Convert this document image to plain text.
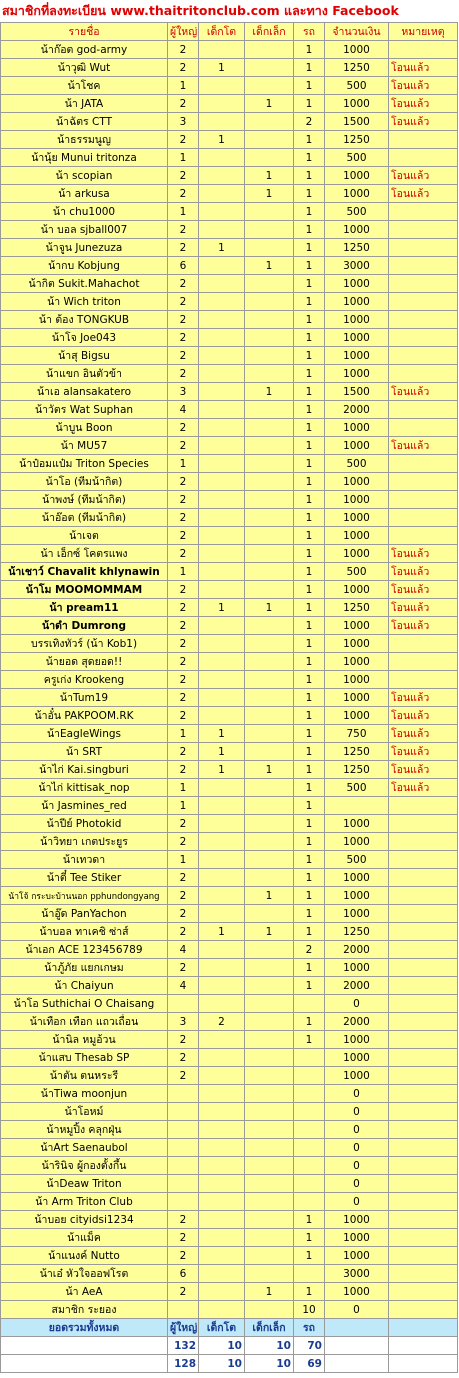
สมาชิกที่ลงทะเบียน www.thaitritonclub.com และทาง Facebook
รายชื่อ	ผู้ใหญ่	เด็กโต	เด็กเล็ก	รถ	จำนวนเงิน	หมายเหตุ
น้าก๊อต god-army	2			1	1000	
น้าวุฒิ Wut	2	1		1	1250	โอนแล้ว
น้าโชค	1			1	500	โอนแล้ว
น้า JATA	2		1	1	1000	โอนแล้ว
น้าฉัตร CTT	3			2	1500	โอนแล้ว
น้าธรรมนูญ	2	1		1	1250	
น้านุ้ย Munui tritonza	1			1	500	
น้า scopian	2		1	1	1000	โอนแล้ว
น้า arkusa	2		1	1	1000	โอนแล้ว
น้า chu1000	1			1	500	
น้า บอล sjball007	2			1	1000	
น้าจูน Junezuza	2	1		1	1250	
น้ากบ Kobjung	6		1	1	3000	
น้ากิต Sukit.Mahachot	2			1	1000	
น้า Wich triton	2			1	1000	
น้า ต้อง TONGKUB	2			1	1000	
น้าโจ Joe043	2			1	1000	
น้าสุ Bigsu	2			1	1000	
น้าแขก อินตัวข้า	2			1	1000	
น้าเอ alansakatero	3		1	1	1500	โอนแล้ว
น้าวัตร Wat Suphan	4			1	2000	
น้าบูน Boon	2			1	1000	
น้า MU57	2			1	1000	โอนแล้ว
น้าป๋อมแป๋ม Triton Species	1			1	500	
น้าโอ (ทีมน้ากิต)	2			1	1000	
น้าพงษ์ (ทีมน้ากิต)	2			1	1000	
น้าอ๊อต (ทีมน้ากิต)	2			1	1000	
น้าเจต	2			1	1000	
น้า เอ็กซ์ โคตรแพง	2			1	1000	โอนแล้ว
น้าเชาว์ Chavalit khlynawin	1			1	500	โอนแล้ว
น้าโม MOOMOMMAM	2			1	1000	โอนแล้ว
น้า pream11	2	1	1	1	1250	โอนแล้ว
น้าดำ Dumrong	2			1	1000	โอนแล้ว
บรรเทิงทัวร์ (น้า Kob1)	2			1	1000	
น้ายอด สุดยอด!!	2			1	1000	
ครูเก่ง Krookeng	2			1	1000	
น้าTum19	2			1	1000	โอนแล้ว
น้าอั๋น PAKPOOM.RK	2			1	1000	โอนแล้ว
น้าEagleWings	1	1		1	750	โอนแล้ว
น้า SRT	2	1		1	1250	โอนแล้ว
น้าไก่ Kai.singburi	2	1	1	1	1250	โอนแล้ว
น้าไก่ kittisak_nop	1			1	500	โอนแล้ว
น้า Jasmines_red	1			1		
น้าปีย์ Photokid	2			1	1000	
น้าวิทยา เกตประยูร	2			1	1000	
น้าเทวดา	1			1	500	
น้าตี๋ Tee Stiker	2			1	1000	
น้าโจ้ กระบะบ้านนอก pphundongyang	2		1	1	1000	
น้าอู๊ด PanYachon	2			1	1000	
น้าบอล ทาเคชิ ซ่าส์	2	1	1	1	1250	
น้าเอก ACE 123456789	4			2	2000	
น้าภู้ภัย แยกเกษม	2			1	1000	
น้า Chaiyun	4			1	2000	
น้าโอ Suthichai O Chaisang					0	
น้าเทือก เทือก แถวเถื่อน	3	2		1	2000	
น้านิล หมูอ้วน	2			1	1000	
น้าแสบ Thesab SP	2				1000	
น้าตัน ตนหระรี	2				1000	
น้าTiwa moonjun					0	
น้าโอหม์					0	
น้าหมูปิ้ง คลุกฝุ่น					0	
น้าArt Saenaubol					0	
น้ารินิจ ผู้กองตั้งกึ้น					0	
น้าDeaw Triton					0	
น้า Arm Triton Club					0	
น้าบอย cityidsi1234	2			1	1000	
น้าแม็ค	2			1	1000	
น้าแนงค์ Nutto	2			1	1000	
น้าเอ๋ หัวใจออฟโรต	6				3000	
น้า AeA	2		1	1	1000	
สมาชิก ระยอง				10	0	
ยอดรวมทั้งหมด	ผู้ใหญ่	เด็กโต	เด็กเล็ก	รถ		
	132	10	10	70		
	128	10	10	69		
